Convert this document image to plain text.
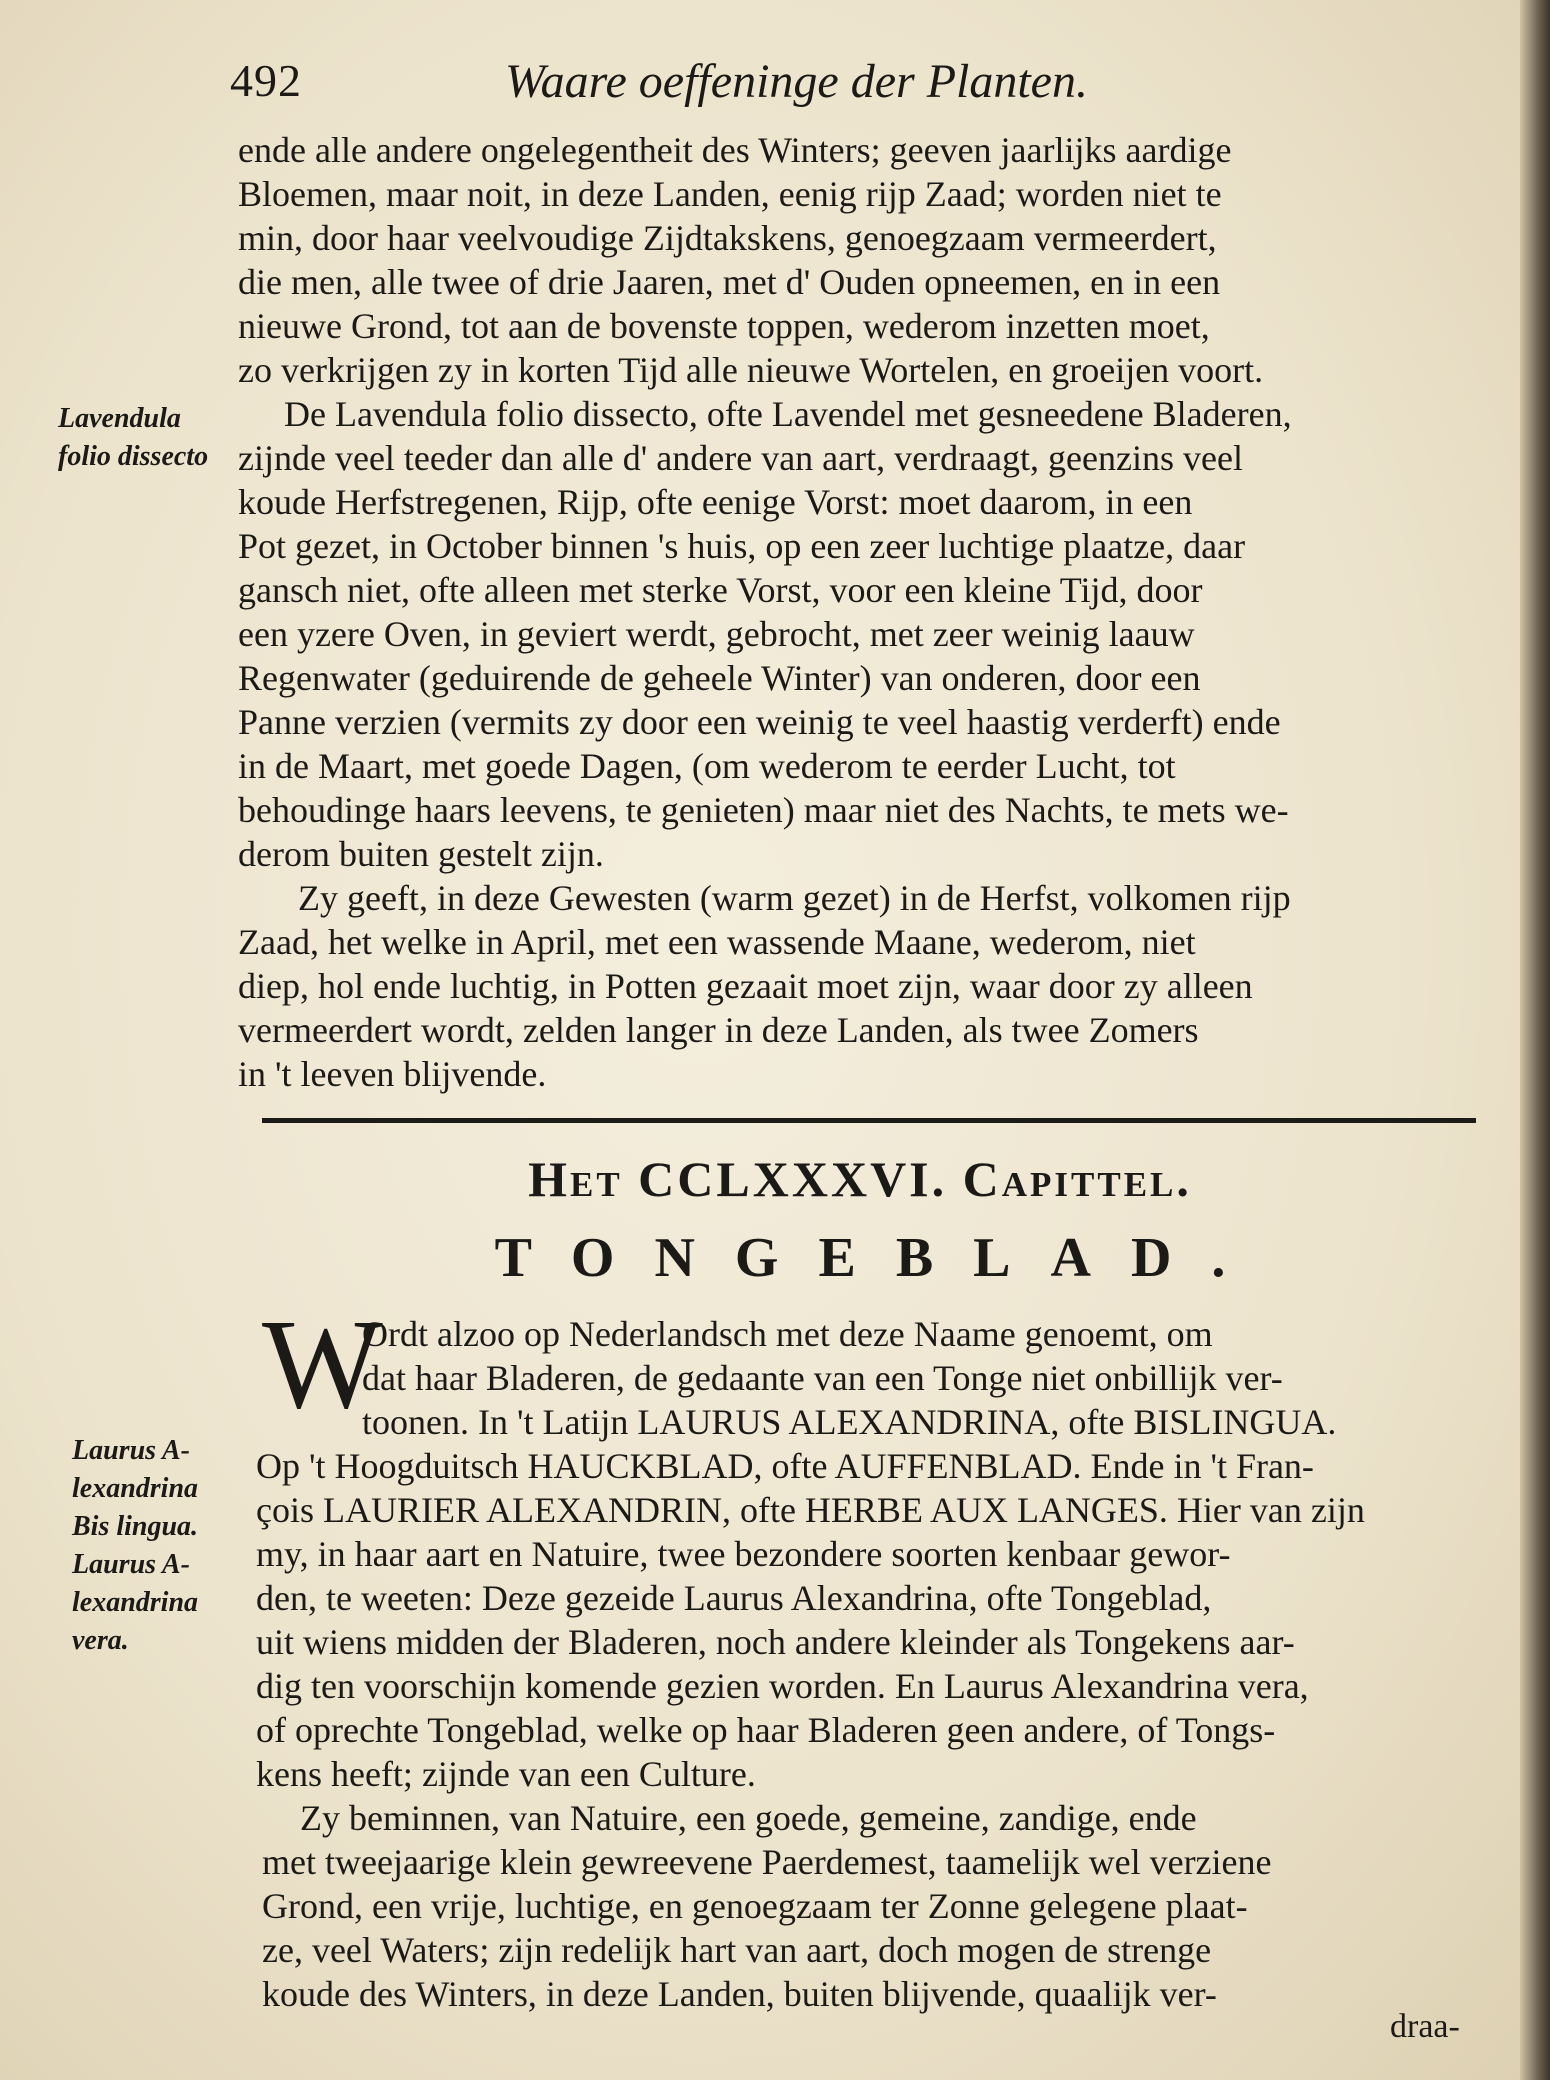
492	Waare oeffeninge der Planten.
ende alle andere ongelegentheit des Winters; geeven jaarlijks aardige
Bloemen, maar noit, in deze Landen, eenig rijp Zaad; worden niet te
min, door haar veelvoudige Zijdtakskens, genoegzaam vermeerdert,
die men, alle twee of drie Jaaren, met d' Ouden opneemen, en in een
nieuwe Grond, tot aan de bovenste toppen, wederom inzetten moet,
zo verkrijgen zy in korten Tijd alle nieuwe Wortelen, en groeijen voort.
De Lavendula folio dissecto, ofte Lavendel met gesneedene Bladeren,
zijnde veel teeder dan alle d' andere van aart, verdraagt, geenzins veel
koude Herfstregenen, Rijp, ofte eenige Vorst: moet daarom, in een
Pot gezet, in October binnen 's huis, op een zeer luchtige plaatze, daar
gansch niet, ofte alleen met sterke Vorst, voor een kleine Tijd, door
een yzere Oven, in geviert werdt, gebrocht, met zeer weinig laauw
Regenwater (geduirende de geheele Winter) van onderen, door een
Panne verzien (vermits zy door een weinig te veel haastig verderft) ende
in de Maart, met goede Dagen, (om wederom te eerder Lucht, tot
behoudinge haars leevens, te genieten) maar niet des Nachts, te mets we-
derom buiten gestelt zijn.
Zy geeft, in deze Gewesten (warm gezet) in de Herfst, volkomen rijp
Zaad, het welke in April, met een wassende Maane, wederom, niet
diep, hol ende luchtig, in Potten gezaait moet zijn, waar door zy alleen
vermeerdert wordt, zelden langer in deze Landen, als twee Zomers
in 't leeven blijvende.
Lavendula
folio dissecto
Het CCLXXXVI. Capittel.
TONGEBLAD.
W
Ordt alzoo op Nederlandsch met deze Naame genoemt, om
dat haar Bladeren, de gedaante van een Tonge niet onbillijk ver-
toonen. In 't Latijn LAURUS ALEXANDRINA, ofte BISLINGUA.
Op 't Hoogduitsch HAUCKBLAD, ofte AUFFENBLAD. Ende in 't Fran-
çois LAURIER ALEXANDRIN, ofte HERBE AUX LANGES. Hier van zijn
my, in haar aart en Natuire, twee bezondere soorten kenbaar gewor-
den, te weeten: Deze gezeide Laurus Alexandrina, ofte Tongeblad,
uit wiens midden der Bladeren, noch andere kleinder als Tongekens aar-
dig ten voorschijn komende gezien worden. En Laurus Alexandrina vera,
of oprechte Tongeblad, welke op haar Bladeren geen andere, of Tongs-
kens heeft; zijnde van een Culture.
Zy beminnen, van Natuire, een goede, gemeine, zandige, ende
met tweejaarige klein gewreevene Paerdemest, taamelijk wel verziene
Grond, een vrije, luchtige, en genoegzaam ter Zonne gelegene plaat-
ze, veel Waters; zijn redelijk hart van aart, doch mogen de strenge
koude des Winters, in deze Landen, buiten blijvende, quaalijk ver-
draa-
Laurus A-
lexandrina
Bis lingua.
Laurus A-
lexandrina
vera.
